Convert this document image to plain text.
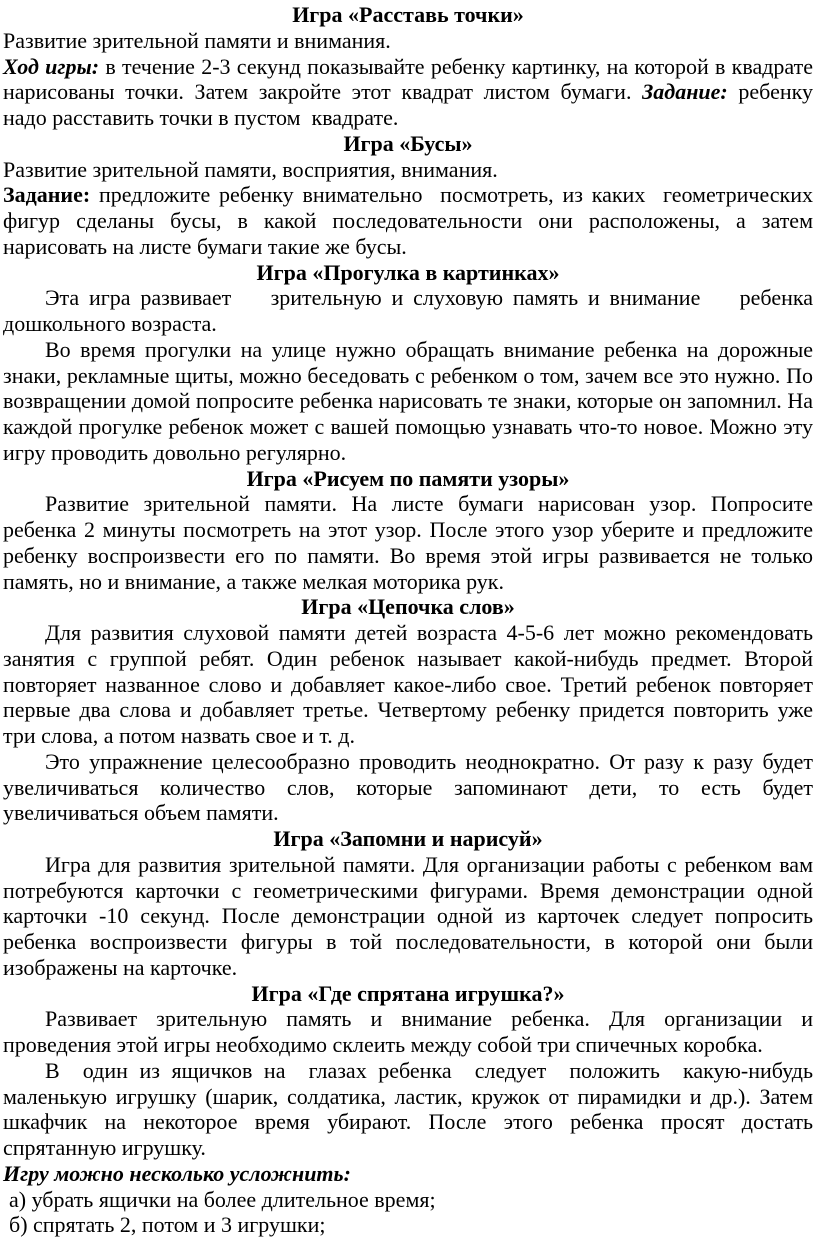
Игра «Расставь точки»

Развитие зрительной памяти и внимания.

Ход игры: в течение 2-3 секунд показывайте ребенку картинку, на которой в квадрате нарисованы точки. Затем закройте этот квадрат листом бумаги. Задание: ребенку надо расставить точки в пустом  квадрате.

Игра «Бусы»

Развитие зрительной памяти, восприятия, внимания.

Задание: предложите ребенку внимательно  посмотреть, из каких  геометрических фигур сделаны бусы, в какой последовательности они расположены, а затем нарисовать на листе бумаги такие же бусы.

Игра «Прогулка в картинках»

Эта игра развивает    зрительную и слуховую память и внимание    ребенка дошкольного возраста.

Во время прогулки на улице нужно обращать внимание ребенка на дорожные знаки, рекламные щиты, можно беседовать с ребенком о том, зачем все это нужно. По возвращении домой попросите ребенка нарисовать те знаки, которые он запомнил. На каждой прогулке ребенок может с вашей помощью узнавать что-то новое. Можно эту игру проводить довольно регулярно.

Игра «Рисуем по памяти узоры»

Развитие зрительной памяти. На листе бумаги нарисован узор. Попросите ребенка 2 минуты посмотреть на этот узор. После этого узор уберите и предложите ребенку воспроизвести его по памяти. Во время этой игры развивается не только память, но и внимание, а также мелкая моторика рук.

Игра «Цепочка слов»

Для развития слуховой памяти детей возраста 4-5-6 лет можно рекомендовать занятия с группой ребят. Один ребенок называет какой-нибудь предмет. Второй повторяет названное слово и добавляет какое-либо свое. Третий ребенок повторяет первые два слова и добавляет третье. Четвертому ребенку придется повторить уже три слова, а потом назвать свое и т. д.

Это упражнение целесообразно проводить неоднократно. От разу к разу будет увеличиваться количество слов, которые запоминают дети, то есть будет увеличиваться объем памяти.

Игра «Запомни и нарисуй»

Игра для развития зрительной памяти. Для организации работы с ребенком вам потребуются карточки с геометрическими фигурами. Время демонстрации одной карточки -10 секунд. После демонстрации одной из карточек следует попросить ребенка воспроизвести фигуры в той последовательности, в которой они были изображены на карточке.

Игра «Где спрятана игрушка?»

Развивает зрительную память и внимание ребенка. Для организации и проведения этой игры необходимо склеить между собой три спичечных коробка.

В  один из ящичков на  глазах ребенка  следует  положить  какую-нибудь маленькую игрушку (шарик, солдатика, ластик, кружок от пирамидки и др.). Затем шкафчик на некоторое время убирают. После этого ребенка просят достать спрятанную игрушку.

Игру можно несколько усложнить:

а) убрать ящички на более длительное время;

б) спрятать 2, потом и 3 игрушки;
